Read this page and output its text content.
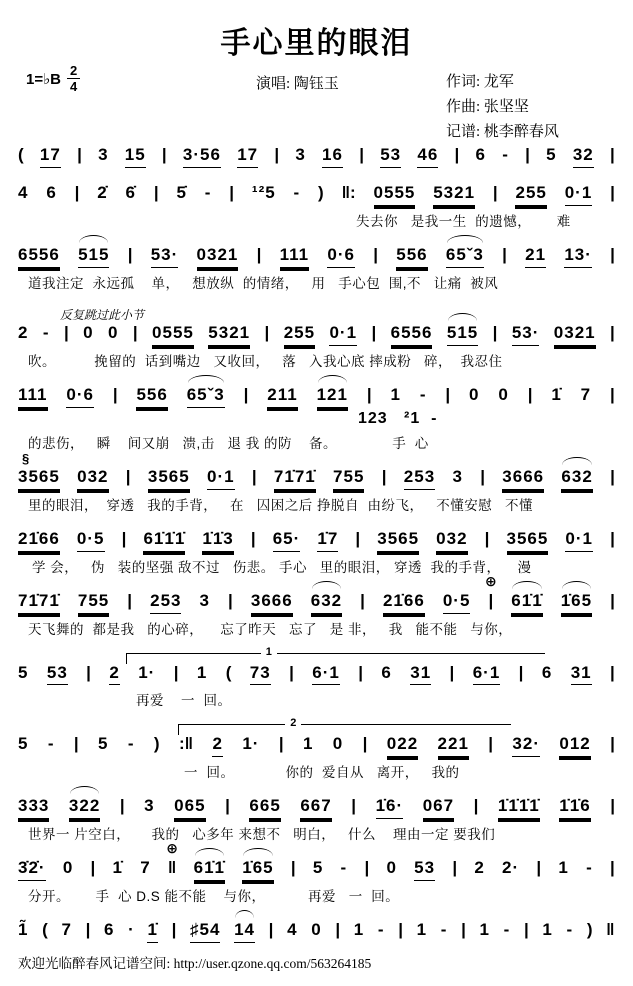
手心里的眼泪
1=♭B $\frac{2}{4}$	演唱: 陶钰玉	作词: 龙军
作曲: 张坚坚
记谱: 桃李醉春风
( 17 | 3 15 | 3·56 17 | 3 16 | 53 46 | 6 - | 5 32 |
4 6 | 2̇ 6̇ | 5̇ - | ¹²5 - ) ‖: 0555 5321 | 255 0·1 |
失去你   是我一生  的遗憾，      难
6556 515 | 53· 0321 | 111 0·6 | 556 65ˇ3 | 21 13· |
道我注定  永远孤    单，   想放纵  的情绪，   用   手心包  围,不   让痛  被风
反复跳过此小节
2 - | 0 0 | 0555 5321 | 255 0·1 | 6556 515 | 53· 0321 |
吹。         挽留的  话到嘴边   又收回，   落   入我心底 摔成粉   碎，  我忍住
111 0·6 | 556 65ˇ3 | 211 121 | 1 - | 0 0 | 1̇ 7 |
123   ²1  -
的悲伤，   瞬    间又崩   溃,击   退 我 的防    备。             手  心
§
3565 032 | 3565 0·1 | 71̇71̇ 755 | 253 3 | 3666 632 |
里的眼泪，  穿透   我的手背，   在   囚困之后 挣脱自  由纷飞，   不懂安慰   不懂
21̇66 0·5 | 61̇1̇1̇ 1̇1̇3 | 65· 1̇7 | 3565 032 | 3565 0·1 |
学 会，   伪   装的坚强 敌不过   伤悲。 手心   里的眼泪， 穿透  我的手背，    漫
71̇71̇ 755 | 253 3 | 3666 632 | 21̇66 0·5 |
⊕
61̇1̇ 1̇65 |
天飞舞的  都是我   的心碎，    忘了昨天   忘了   是 非，   我   能不能   与你，
1
5 53 | 2 1· | 1 ( 73 | 6·1 | 6 31 | 6·1 | 6 31 |
再爱    一  回。
2
5 - | 5 - ) :‖ 2 1· | 1 0 | 022 221 | 32· 012 |
一  回。            你的  爱自从   离开，   我的
333 322 | 3 065 | 665 667 | 1̇6· 067 | 1̇1̇1̇1̇ 1̇1̇6 |
世界一 片空白，     我的   心多年 来想不   明白，   什么    理由一定 要我们
3̇2̇· 0 | 1̇ 7 ‖
⊕
61̇1̇ 1̇65 | 5 - | 0 53 | 2 2· | 1 - |
分开。      手  心 D.S 能不能    与你，          再爱   一  回。
1̃ ( 7 | 6 · 1̇ | ♯54 14 | 4 0 | 1 - | 1 - | 1 - | 1 - ) ‖
欢迎光临醉春风记谱空间: http://user.qzone.qq.com/563264185
